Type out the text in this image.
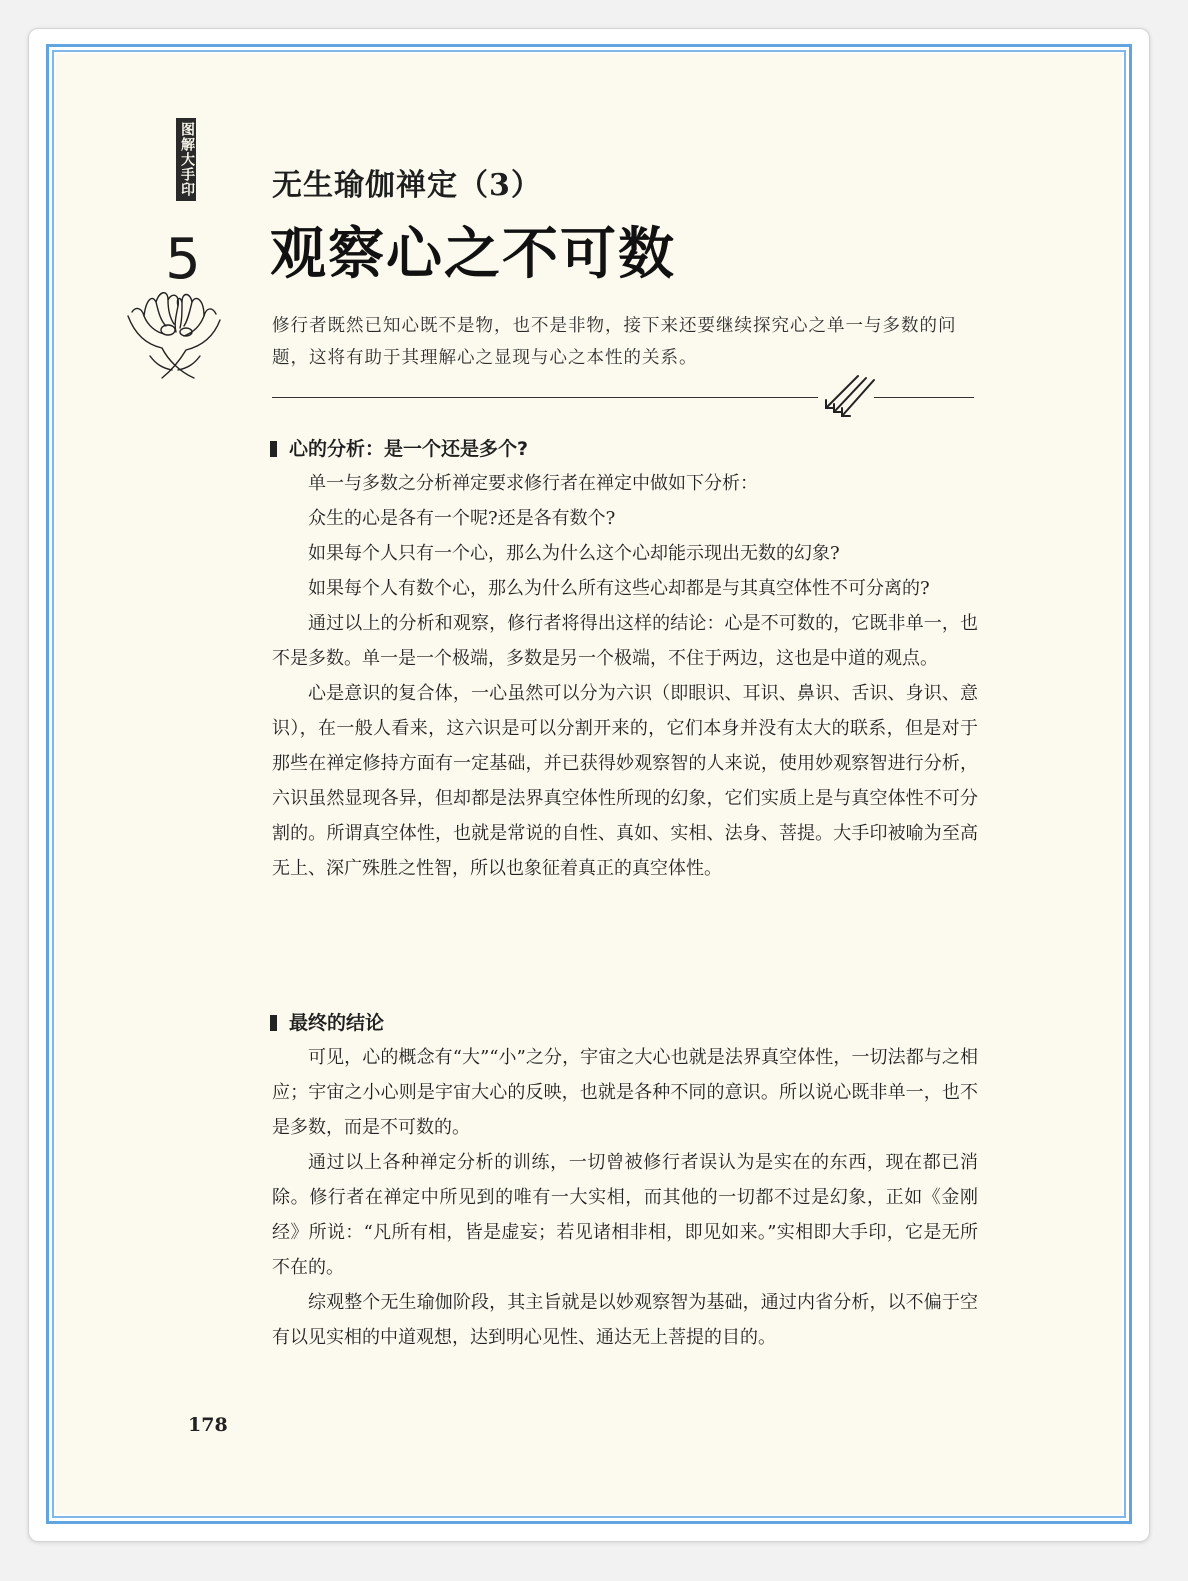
图解大手印
5
无生瑜伽禅定（3）
观察心之不可数

修行者既然已知心既不是物，也不是非物，接下来还要继续探究心之单一与多数的问题，这将有助于其理解心之显现与心之本性的关系。

心的分析：是一个还是多个?

单一与多数之分析禅定要求修行者在禅定中做如下分析：

众生的心是各有一个呢?还是各有数个?

如果每个人只有一个心，那么为什么这个心却能示现出无数的幻象?

如果每个人有数个心，那么为什么所有这些心却都是与其真空体性不可分离的?

通过以上的分析和观察，修行者将得出这样的结论：心是不可数的，它既非单一，也不是多数。单一是一个极端，多数是另一个极端，不住于两边，这也是中道的观点。

心是意识的复合体，一心虽然可以分为六识（即眼识、耳识、鼻识、舌识、身识、意识），在一般人看来，这六识是可以分割开来的，它们本身并没有太大的联系，但是对于那些在禅定修持方面有一定基础，并已获得妙观察智的人来说，使用妙观察智进行分析，六识虽然显现各异，但却都是法界真空体性所现的幻象，它们实质上是与真空体性不可分割的。所谓真空体性，也就是常说的自性、真如、实相、法身、菩提。大手印被喻为至高无上、深广殊胜之性智，所以也象征着真正的真空体性。

最终的结论

可见，心的概念有“大”“小”之分，宇宙之大心也就是法界真空体性，一切法都与之相应；宇宙之小心则是宇宙大心的反映，也就是各种不同的意识。所以说心既非单一，也不是多数，而是不可数的。

通过以上各种禅定分析的训练，一切曾被修行者误认为是实在的东西，现在都已消除。修行者在禅定中所见到的唯有一大实相，而其他的一切都不过是幻象，正如《金刚经》所说：“凡所有相，皆是虚妄；若见诸相非相，即见如来。”实相即大手印，它是无所不在的。

综观整个无生瑜伽阶段，其主旨就是以妙观察智为基础，通过内省分析，以不偏于空有以见实相的中道观想，达到明心见性、通达无上菩提的目的。

178
